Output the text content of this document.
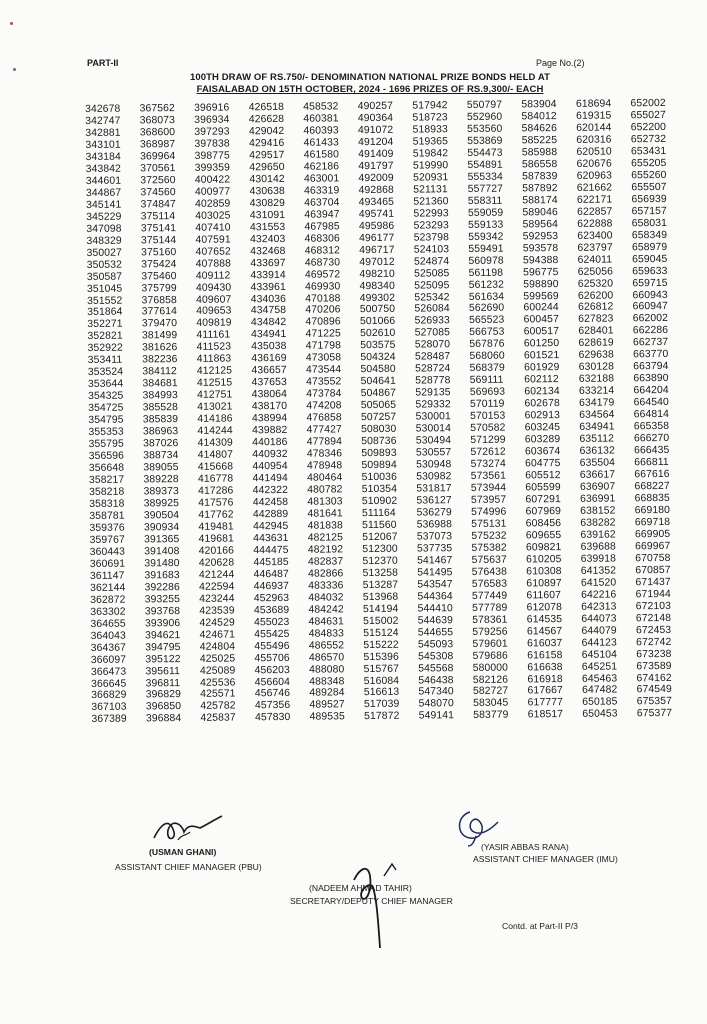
PART-II	Page No.(2)
100TH DRAW OF RS.750/- DENOMINATION NATIONAL PRIZE BONDS HELD AT
FAISALABAD ON 15TH OCTOBER, 2024 - 1696 PRIZES OF RS.9,300/- EACH
342678
342747
342881
343101
343184
343842
344601
344867
345141
345229
347098
348329
350027
350532
350587
351045
351552
351864
352271
352821
352922
353411
353524
353644
354325
354725
354795
355353
355795
356596
356648
358217
358218
358318
358781
359376
359767
360443
360691
361147
362144
362872
363302
364655
364043
364367
366097
366473
366645
366829
367103
367389
367562
368073
368600
368987
369964
370561
372560
374560
374847
375114
375141
375144
375160
375424
375460
375799
376858
377614
379470
381499
381626
382236
384112
384681
384993
385528
385839
386963
387026
388734
389055
389228
389373
389925
390504
390934
391365
391408
391480
391683
392286
393255
393768
393906
394621
394795
395122
395611
396811
396829
396850
396884
396916
396934
397293
397838
398775
399359
400422
400977
402859
403025
407410
407591
407652
407888
409112
409430
409607
409653
409819
411161
411523
411863
412125
412515
412751
413021
414186
414244
414309
414807
415668
416778
417286
417576
417762
419481
419681
420166
420628
421244
422594
423244
423539
424529
424671
424804
425025
425089
425536
425571
425782
425837
426518
426628
429042
429416
429517
429650
430142
430638
430829
431091
431553
432403
432468
433697
433914
433961
434036
434758
434842
434941
435038
436169
436657
437653
438064
438170
438994
439882
440186
440932
440954
441494
442322
442458
442889
442945
443631
444475
445185
446487
446937
452963
453689
455023
455425
455496
455706
456203
456604
456746
457356
457830
458532
460381
460393
461433
461580
462186
463001
463319
463704
463947
467985
468306
468312
468730
469572
469930
470188
470206
470896
471225
471798
473058
473544
473552
473784
474208
476858
477427
477894
478346
478948
480464
480782
481303
481641
481838
482125
482192
482837
482866
483336
484032
484242
484631
484833
486552
486570
488080
488348
489284
489527
489535
490257
490364
491072
491204
491409
491797
492009
492868
493465
495741
495986
496177
496717
497012
498210
498340
499302
500750
501066
502610
503575
504324
504580
504641
504867
505065
507257
508030
508736
509893
509894
510036
510354
510902
511164
511560
512067
512300
512370
513258
513287
513968
514194
515002
515124
515222
515396
515767
516084
516613
517039
517872
517942
518723
518933
519365
519842
519990
520931
521131
521360
522993
523293
523798
524103
524874
525085
525095
525342
526084
526933
527085
528070
528487
528724
528778
529135
529332
530001
530014
530494
530557
530948
530982
531817
536127
536279
536988
537073
537735
541467
541495
543547
544364
544410
544639
544655
545093
545308
545568
546438
547340
548070
549141
550797
552960
553560
553869
554473
554891
555334
557727
558311
559059
559133
559342
559491
560978
561198
561232
561634
562690
565523
566753
567876
568060
568379
569111
569693
570119
570153
570582
571299
572612
573274
573561
573944
573957
574996
575131
575232
575382
575637
576438
576583
577449
577789
578361
579256
579601
579686
580000
582126
582727
583045
583779
583904
584012
584626
585225
585988
586558
587839
587892
588174
589046
589564
592953
593578
594388
596775
598890
599569
600244
600457
600517
601250
601521
601929
602112
602134
602678
602913
603245
603289
603674
604775
605512
605599
607291
607969
608456
609655
609821
610205
610308
610897
611607
612078
614535
614567
616037
616158
616638
616918
617667
617777
618517
618694
619315
620144
620316
620510
620676
620963
621662
622171
622857
622888
623400
623797
624011
625056
625320
626200
626812
627823
628401
628619
629638
630128
632188
633214
634179
634564
634941
635112
636132
635504
636617
636907
636991
638152
638282
639162
639688
639918
641352
641520
642216
642313
644073
644079
644123
645104
645251
645463
647482
650185
650453
652002
655027
652200
652732
653431
655205
655260
655507
656939
657157
658031
658349
658979
659045
659633
659715
660943
660947
662002
662286
662737
663770
663794
663890
664204
664540
664814
665358
666270
666435
666811
667616
668227
668835
669180
669718
669905
669967
670758
670857
671437
671944
672103
672148
672453
672742
673238
673589
674162
674549
675357
675377
(USMAN GHANI)
ASSISTANT CHIEF MANAGER (PBU)
(YASIR ABBAS RANA)
ASSISTANT CHIEF MANAGER (IMU)
(NADEEM AHMAD TAHIR)
SECRETARY/DEPUTY CHIEF MANAGER
Contd. at Part-II P/3
